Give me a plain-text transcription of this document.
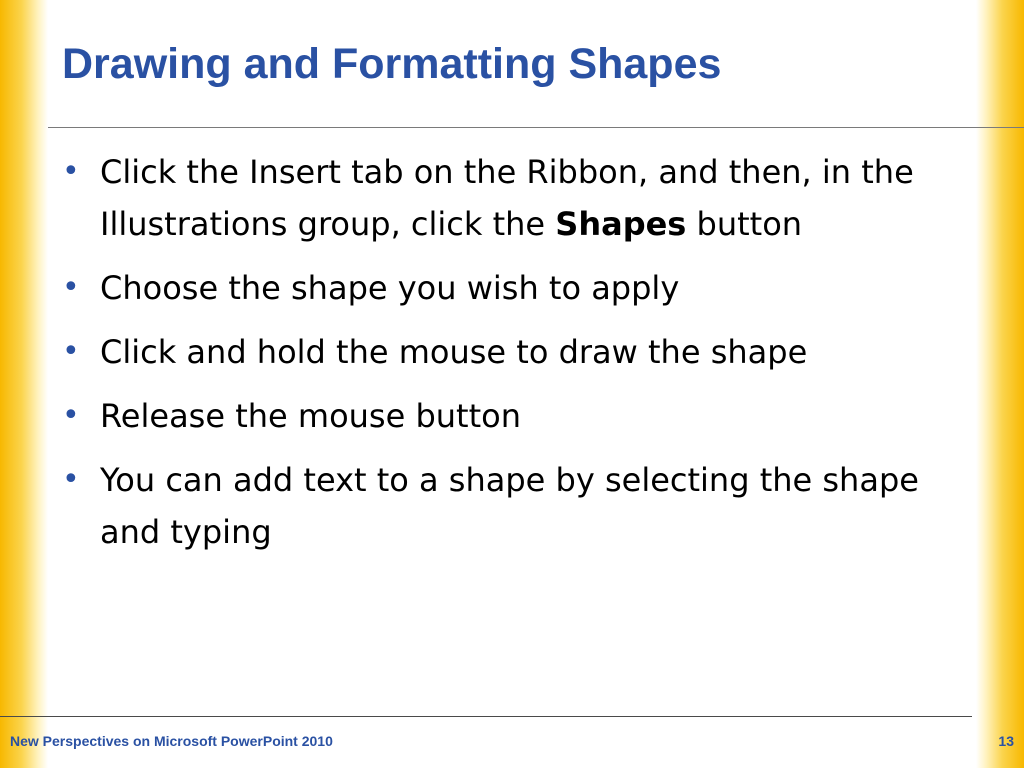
Drawing and Formatting Shapes
• Click the Insert tab on the Ribbon, and then, in the Illustrations group, click the Shapes button
• Choose the shape you wish to apply
• Click and hold the mouse to draw the shape
• Release the mouse button
• You can add text to a shape by selecting the shape and typing
New Perspectives on Microsoft PowerPoint 2010	13
